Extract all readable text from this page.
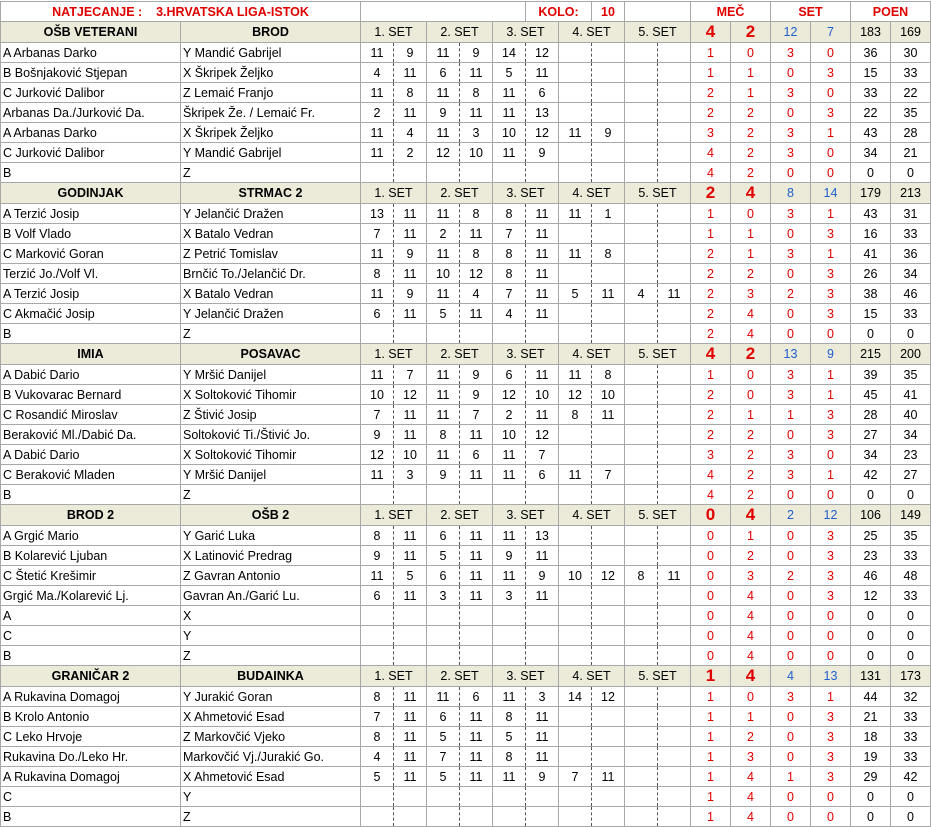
NATJECANJE : 3.HRVATSKA LIGA-ISTOK							KOLO:		10			MEČ		SET		POEN	
OŠB VETERANI	BROD	1. SET		2. SET		3. SET		4. SET		5. SET		4	2	12	7	183	169
A Arbanas Darko	Y Mandić Gabrijel	11	9	11	9	14	12					1	0	3	0	36	30
B Bošnjaković Stjepan	X Škripek Željko	4	11	6	11	5	11					1	1	0	3	15	33
C Jurković Dalibor	Z Lemaić Franjo	11	8	11	8	11	6					2	1	3	0	33	22
Arbanas Da./Jurković Da.	Škripek Že. / Lemaić Fr.	2	11	9	11	11	13					2	2	0	3	22	35
A Arbanas Darko	X Škripek Željko	11	4	11	3	10	12	11	9			3	2	3	1	43	28
C Jurković Dalibor	Y Mandić Gabrijel	11	2	12	10	11	9					4	2	3	0	34	21
B	Z											4	2	0	0	0	0
GODINJAK	STRMAC 2	1. SET		2. SET		3. SET		4. SET		5. SET		2	4	8	14	179	213
A Terzić Josip	Y Jelančić Dražen	13	11	11	8	8	11	11	1			1	0	3	1	43	31
B Volf Vlado	X Batalo Vedran	7	11	2	11	7	11					1	1	0	3	16	33
C Marković Goran	Z Petrić Tomislav	11	9	11	8	8	11	11	8			2	1	3	1	41	36
Terzić Jo./Volf Vl.	Brnčić To./Jelančić Dr.	8	11	10	12	8	11					2	2	0	3	26	34
A Terzić Josip	X Batalo Vedran	11	9	11	4	7	11	5	11	4	11	2	3	2	3	38	46
C Akmačić Josip	Y Jelančić Dražen	6	11	5	11	4	11					2	4	0	3	15	33
B	Z											2	4	0	0	0	0
IMIA	POSAVAC	1. SET		2. SET		3. SET		4. SET		5. SET		4	2	13	9	215	200
A Dabić Dario	Y Mršić Danijel	11	7	11	9	6	11	11	8			1	0	3	1	39	35
B Vukovarac Bernard	X Soltoković Tihomir	10	12	11	9	12	10	12	10			2	0	3	1	45	41
C Rosandić Miroslav	Z Štivić Josip	7	11	11	7	2	11	8	11			2	1	1	3	28	40
Beraković Ml./Dabić Da.	Soltoković Ti./Štivić Jo.	9	11	8	11	10	12					2	2	0	3	27	34
A Dabić Dario	X Soltoković Tihomir	12	10	11	6	11	7					3	2	3	0	34	23
C Beraković Mladen	Y Mršić Danijel	11	3	9	11	11	6	11	7			4	2	3	1	42	27
B	Z											4	2	0	0	0	0
BROD 2	OŠB 2	1. SET		2. SET		3. SET		4. SET		5. SET		0	4	2	12	106	149
A Grgić Mario	Y Garić Luka	8	11	6	11	11	13					0	1	0	3	25	35
B Kolarević Ljuban	X Latinović Predrag	9	11	5	11	9	11					0	2	0	3	23	33
C Štetić Krešimir	Z Gavran Antonio	11	5	6	11	11	9	10	12	8	11	0	3	2	3	46	48
Grgić Ma./Kolarević Lj.	Gavran An./Garić Lu.	6	11	3	11	3	11					0	4	0	3	12	33
A	X											0	4	0	0	0	0
C	Y											0	4	0	0	0	0
B	Z											0	4	0	0	0	0
GRANIČAR 2	BUDAINKA	1. SET		2. SET		3. SET		4. SET		5. SET		1	4	4	13	131	173
A Rukavina Domagoj	Y Jurakić Goran	8	11	11	6	11	3	14	12			1	0	3	1	44	32
B Krolo Antonio	X Ahmetović Esad	7	11	6	11	8	11					1	1	0	3	21	33
C Leko Hrvoje	Z Markovčić Vjeko	8	11	5	11	5	11					1	2	0	3	18	33
Rukavina Do./Leko Hr.	Markovčić Vj./Jurakić Go.	4	11	7	11	8	11					1	3	0	3	19	33
A Rukavina Domagoj	X Ahmetović Esad	5	11	5	11	11	9	7	11			1	4	1	3	29	42
C	Y											1	4	0	0	0	0
B	Z											1	4	0	0	0	0
